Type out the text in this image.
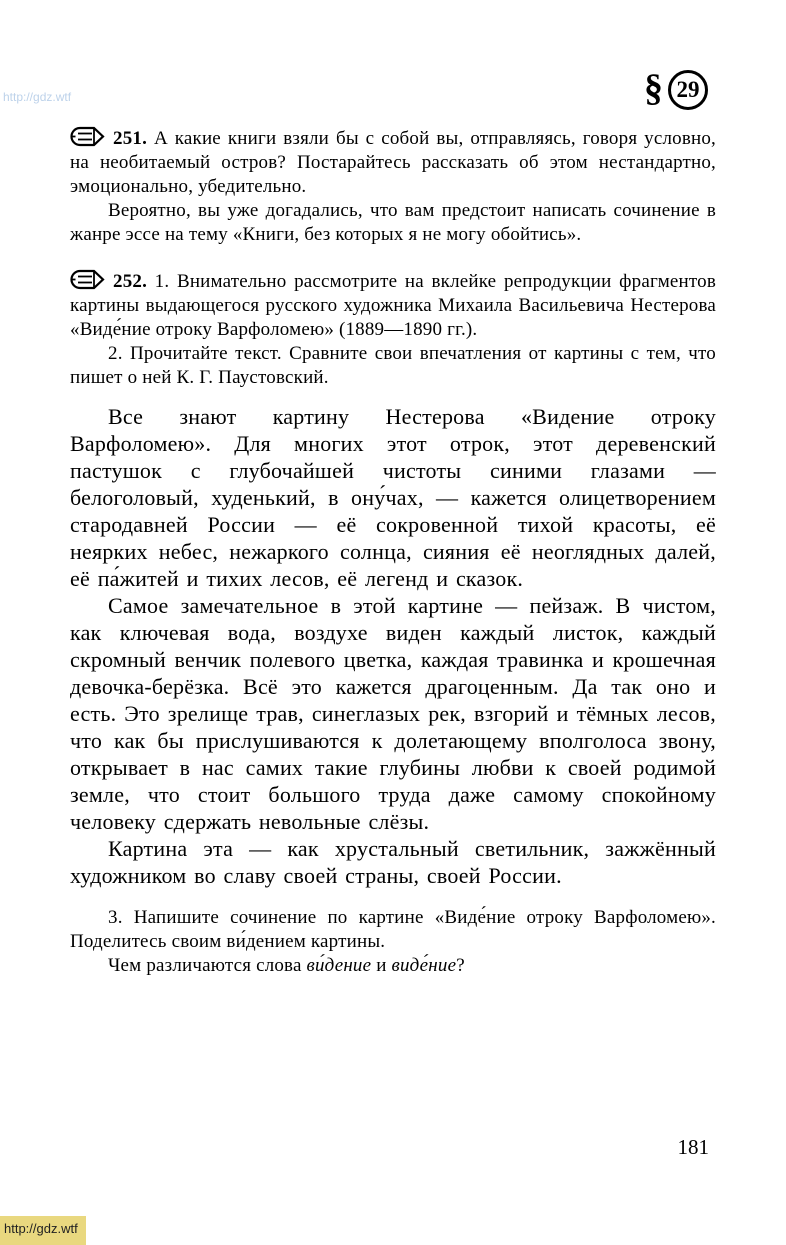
http://gdz.wtf	§ 29

251. А какие книги взяли бы с собой вы, отправляясь, говоря условно, на необитаемый остров? Постарайтесь рассказать об этом нестандартно, эмоционально, убедительно.

Вероятно, вы уже догадались, что вам предстоит написать сочинение в жанре эссе на тему «Книги, без которых я не могу обойтись».

252. 1. Внимательно рассмотрите на вклейке репродукции фрагментов картины выдающегося русского художника Михаила Васильевича Нестерова «Виде́ние отроку Варфоломею» (1889—1890 гг.).

2. Прочитайте текст. Сравните свои впечатления от картины с тем, что пишет о ней К. Г. Паустовский.

Все знают картину Нестерова «Видение отроку Варфоломею». Для многих этот отрок, этот деревенский пастушок с глубочайшей чистоты синими глазами — белоголовый, худенький, в ону́чах, — кажется олицетворением стародавней России — её сокровенной тихой красоты, её неярких небес, нежаркого солнца, сияния её неоглядных далей, её па́житей и тихих лесов, её легенд и сказок.

Самое замечательное в этой картине — пейзаж. В чистом, как ключевая вода, воздухе виден каждый листок, каждый скромный венчик полевого цветка, каждая травинка и крошечная девочка-берёзка. Всё это кажется драгоценным. Да так оно и есть. Это зрелище трав, синеглазых рек, взгорий и тёмных лесов, что как бы прислушиваются к долетающему вполголоса звону, открывает в нас самих такие глубины любви к своей родимой земле, что стоит большого труда даже самому спокойному человеку сдержать невольные слёзы.

Картина эта — как хрустальный светильник, зажжённый художником во славу своей страны, своей России.

3. Напишите сочинение по картине «Виде́ние отроку Варфоломею». Поделитесь своим ви́дением картины.

Чем различаются слова ви́дение и виде́ние?

181
http://gdz.wtf
